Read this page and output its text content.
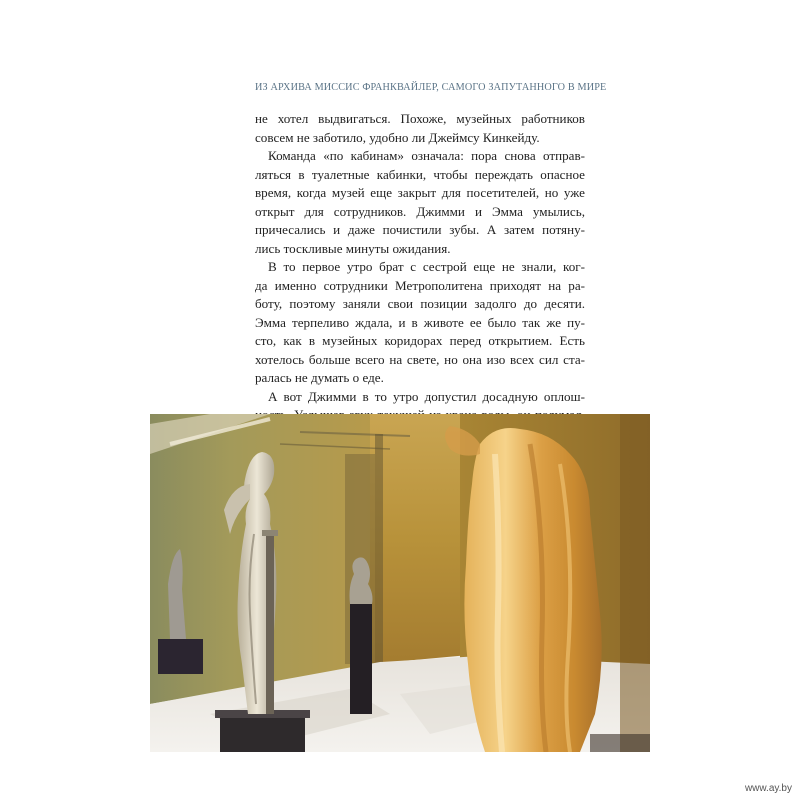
ИЗ АРХИВА МИССИС ФРАНКВАЙЛЕР, САМОГО ЗАПУТАННОГО В МИРЕ
не хотел выдвигаться. Похоже, музейных работников
совсем не заботило, удобно ли Джеймсу Кинкейду.
Команда «по кабинам» означала: пора снова отправ-
ляться в туалетные кабинки, чтобы переждать опасное
время, когда музей еще закрыт для посетителей, но уже
открыт для сотрудников. Джимми и Эмма умылись,
причесались и даже почистили зубы. А затем потяну-
лись тоскливые минуты ожидания.
В то первое утро брат с сестрой еще не знали, ког-
да именно сотрудники Метрополитена приходят на ра-
боту, поэтому заняли свои позиции задолго до десяти.
Эмма терпеливо ждала, и в животе ее было так же пу-
сто, как в музейных коридорах перед открытием. Есть
хотелось больше всего на свете, но она изо всех сил ста-
ралась не думать о еде.
А вот Джимми в то утро допустил досадную оплош-
www.ay.by
